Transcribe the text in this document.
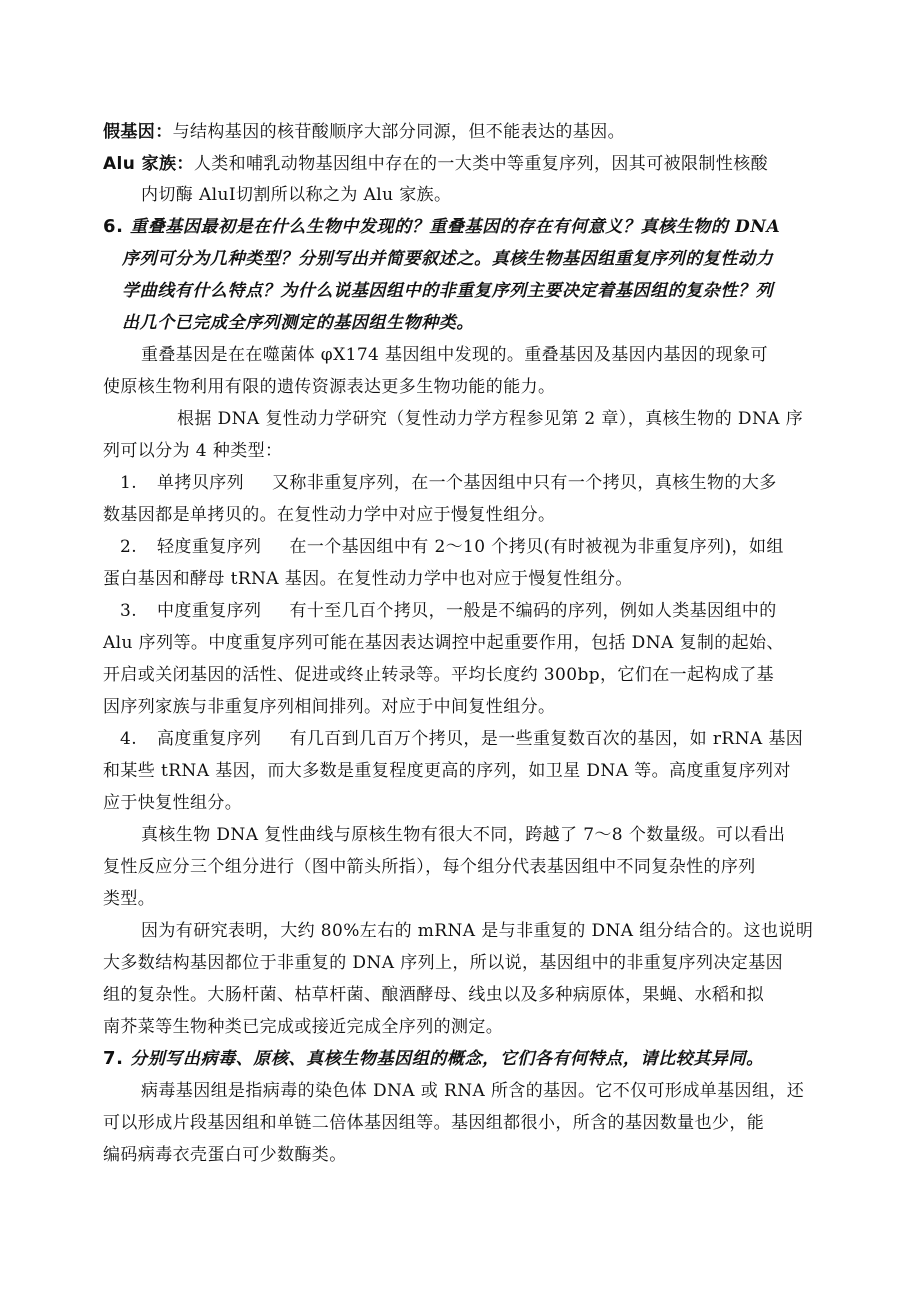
假基因：与结构基因的核苷酸顺序大部分同源，但不能表达的基因。
Alu 家族：人类和哺乳动物基因组中存在的一大类中等重复序列，因其可被限制性核酸
内切酶 AluⅠ切割所以称之为 Alu 家族。
6. 重叠基因最初是在什么生物中发现的？重叠基因的存在有何意义？真核生物的 DNA
序列可分为几种类型？分别写出并简要叙述之。真核生物基因组重复序列的复性动力
学曲线有什么特点？为什么说基因组中的非重复序列主要决定着基因组的复杂性？列
出几个已完成全序列测定的基因组生物种类。
重叠基因是在在噬菌体 φX174 基因组中发现的。重叠基因及基因内基因的现象可
使原核生物利用有限的遗传资源表达更多生物功能的能力。
根据 DNA 复性动力学研究（复性动力学方程参见第 2 章），真核生物的 DNA 序
列可以分为 4 种类型：
1. 单拷贝序列 又称非重复序列，在一个基因组中只有一个拷贝，真核生物的大多
数基因都是单拷贝的。在复性动力学中对应于慢复性组分。
2. 轻度重复序列 在一个基因组中有 2～10 个拷贝(有时被视为非重复序列)，如组
蛋白基因和酵母 tRNA 基因。在复性动力学中也对应于慢复性组分。
3. 中度重复序列 有十至几百个拷贝，一般是不编码的序列，例如人类基因组中的
Alu 序列等。中度重复序列可能在基因表达调控中起重要作用，包括 DNA 复制的起始、
开启或关闭基因的活性、促进或终止转录等。平均长度约 300bp，它们在一起构成了基
因序列家族与非重复序列相间排列。对应于中间复性组分。
4. 高度重复序列 有几百到几百万个拷贝，是一些重复数百次的基因，如 rRNA 基因
和某些 tRNA 基因，而大多数是重复程度更高的序列，如卫星 DNA 等。高度重复序列对
应于快复性组分。
真核生物 DNA 复性曲线与原核生物有很大不同，跨越了 7～8 个数量级。可以看出
复性反应分三个组分进行（图中箭头所指），每个组分代表基因组中不同复杂性的序列
类型。
因为有研究表明，大约 80%左右的 mRNA 是与非重复的 DNA 组分结合的。这也说明
大多数结构基因都位于非重复的 DNA 序列上，所以说，基因组中的非重复序列决定基因
组的复杂性。大肠杆菌、枯草杆菌、酿酒酵母、线虫以及多种病原体，果蝇、水稻和拟
南芥菜等生物种类已完成或接近完成全序列的测定。
7. 分别写出病毒、原核、真核生物基因组的概念，它们各有何特点，请比较其异同。
病毒基因组是指病毒的染色体 DNA 或 RNA 所含的基因。它不仅可形成单基因组，还
可以形成片段基因组和单链二倍体基因组等。基因组都很小，所含的基因数量也少，能
编码病毒衣壳蛋白可少数酶类。
